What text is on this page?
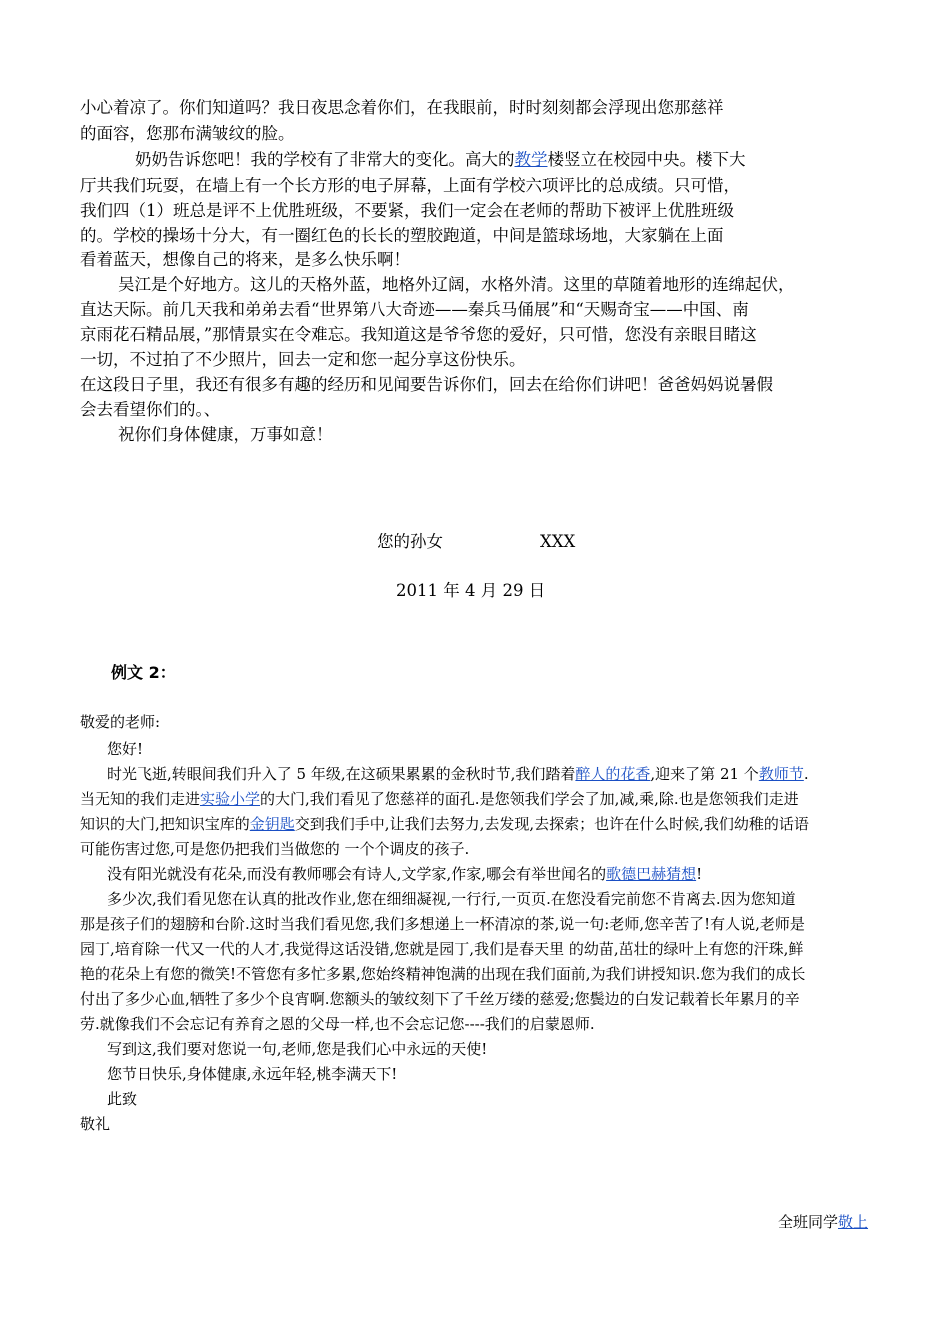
小心着凉了。你们知道吗？我日夜思念着你们，在我眼前，时时刻刻都会浮现出您那慈祥
的面容，您那布满皱纹的脸。
奶奶告诉您吧！我的学校有了非常大的变化。高大的教学楼竖立在校园中央。楼下大
厅共我们玩耍，在墙上有一个长方形的电子屏幕，上面有学校六项评比的总成绩。只可惜，
我们四（1）班总是评不上优胜班级，不要紧，我们一定会在老师的帮助下被评上优胜班级
的。学校的操场十分大，有一圈红色的长长的塑胶跑道，中间是篮球场地，大家躺在上面
看着蓝天，想像自己的将来，是多么快乐啊！
吴江是个好地方。这儿的天格外蓝，地格外辽阔，水格外清。这里的草随着地形的连绵起伏，
直达天际。前几天我和弟弟去看“世界第八大奇迹——秦兵马俑展”和“天赐奇宝——中国、南
京雨花石精品展，”那情景实在令难忘。我知道这是爷爷您的爱好，只可惜，您没有亲眼目睹这
一切，不过拍了不少照片，回去一定和您一起分享这份快乐。
在这段日子里，我还有很多有趣的经历和见闻要告诉你们，回去在给你们讲吧！爸爸妈妈说暑假
会去看望你们的。、
祝你们身体健康，万事如意！
您的孙女	XXX
2011 年 4 月 29 日
例文 2：
敬爱的老师:
您好!
时光飞逝,转眼间我们升入了 5 年级,在这硕果累累的金秋时节,我们踏着醉人的花香,迎来了第 21 个教师节.
当无知的我们走进实验小学的大门,我们看见了您慈祥的面孔.是您领我们学会了加,减,乘,除.也是您领我们走进
知识的大门,把知识宝库的金钥匙交到我们手中,让我们去努力,去发现,去探索；也许在什么时候,我们幼稚的话语
可能伤害过您,可是您仍把我们当做您的 一个个调皮的孩子.
没有阳光就没有花朵,而没有教师哪会有诗人,文学家,作家,哪会有举世闻名的歌德巴赫猜想!
多少次,我们看见您在认真的批改作业,您在细细凝视,一行行,一页页.在您没看完前您不肯离去.因为您知道
那是孩子们的翅膀和台阶.这时当我们看见您,我们多想递上一杯清凉的茶,说一句:老师,您辛苦了!有人说,老师是
园丁,培育除一代又一代的人才,我觉得这话没错,您就是园丁,我们是春天里 的幼苗,茁壮的绿叶上有您的汗珠,鲜
艳的花朵上有您的微笑!不管您有多忙多累,您始终精神饱满的出现在我们面前,为我们讲授知识.您为我们的成长
付出了多少心血,牺牲了多少个良宵啊.您额头的皱纹刻下了千丝万缕的慈爱;您鬓边的白发记载着长年累月的辛
劳.就像我们不会忘记有养育之恩的父母一样,也不会忘记您----我们的启蒙恩师.
写到这,我们要对您说一句,老师,您是我们心中永远的天使!
您节日快乐,身体健康,永远年轻,桃李满天下!
此致
敬礼
全班同学敬上
